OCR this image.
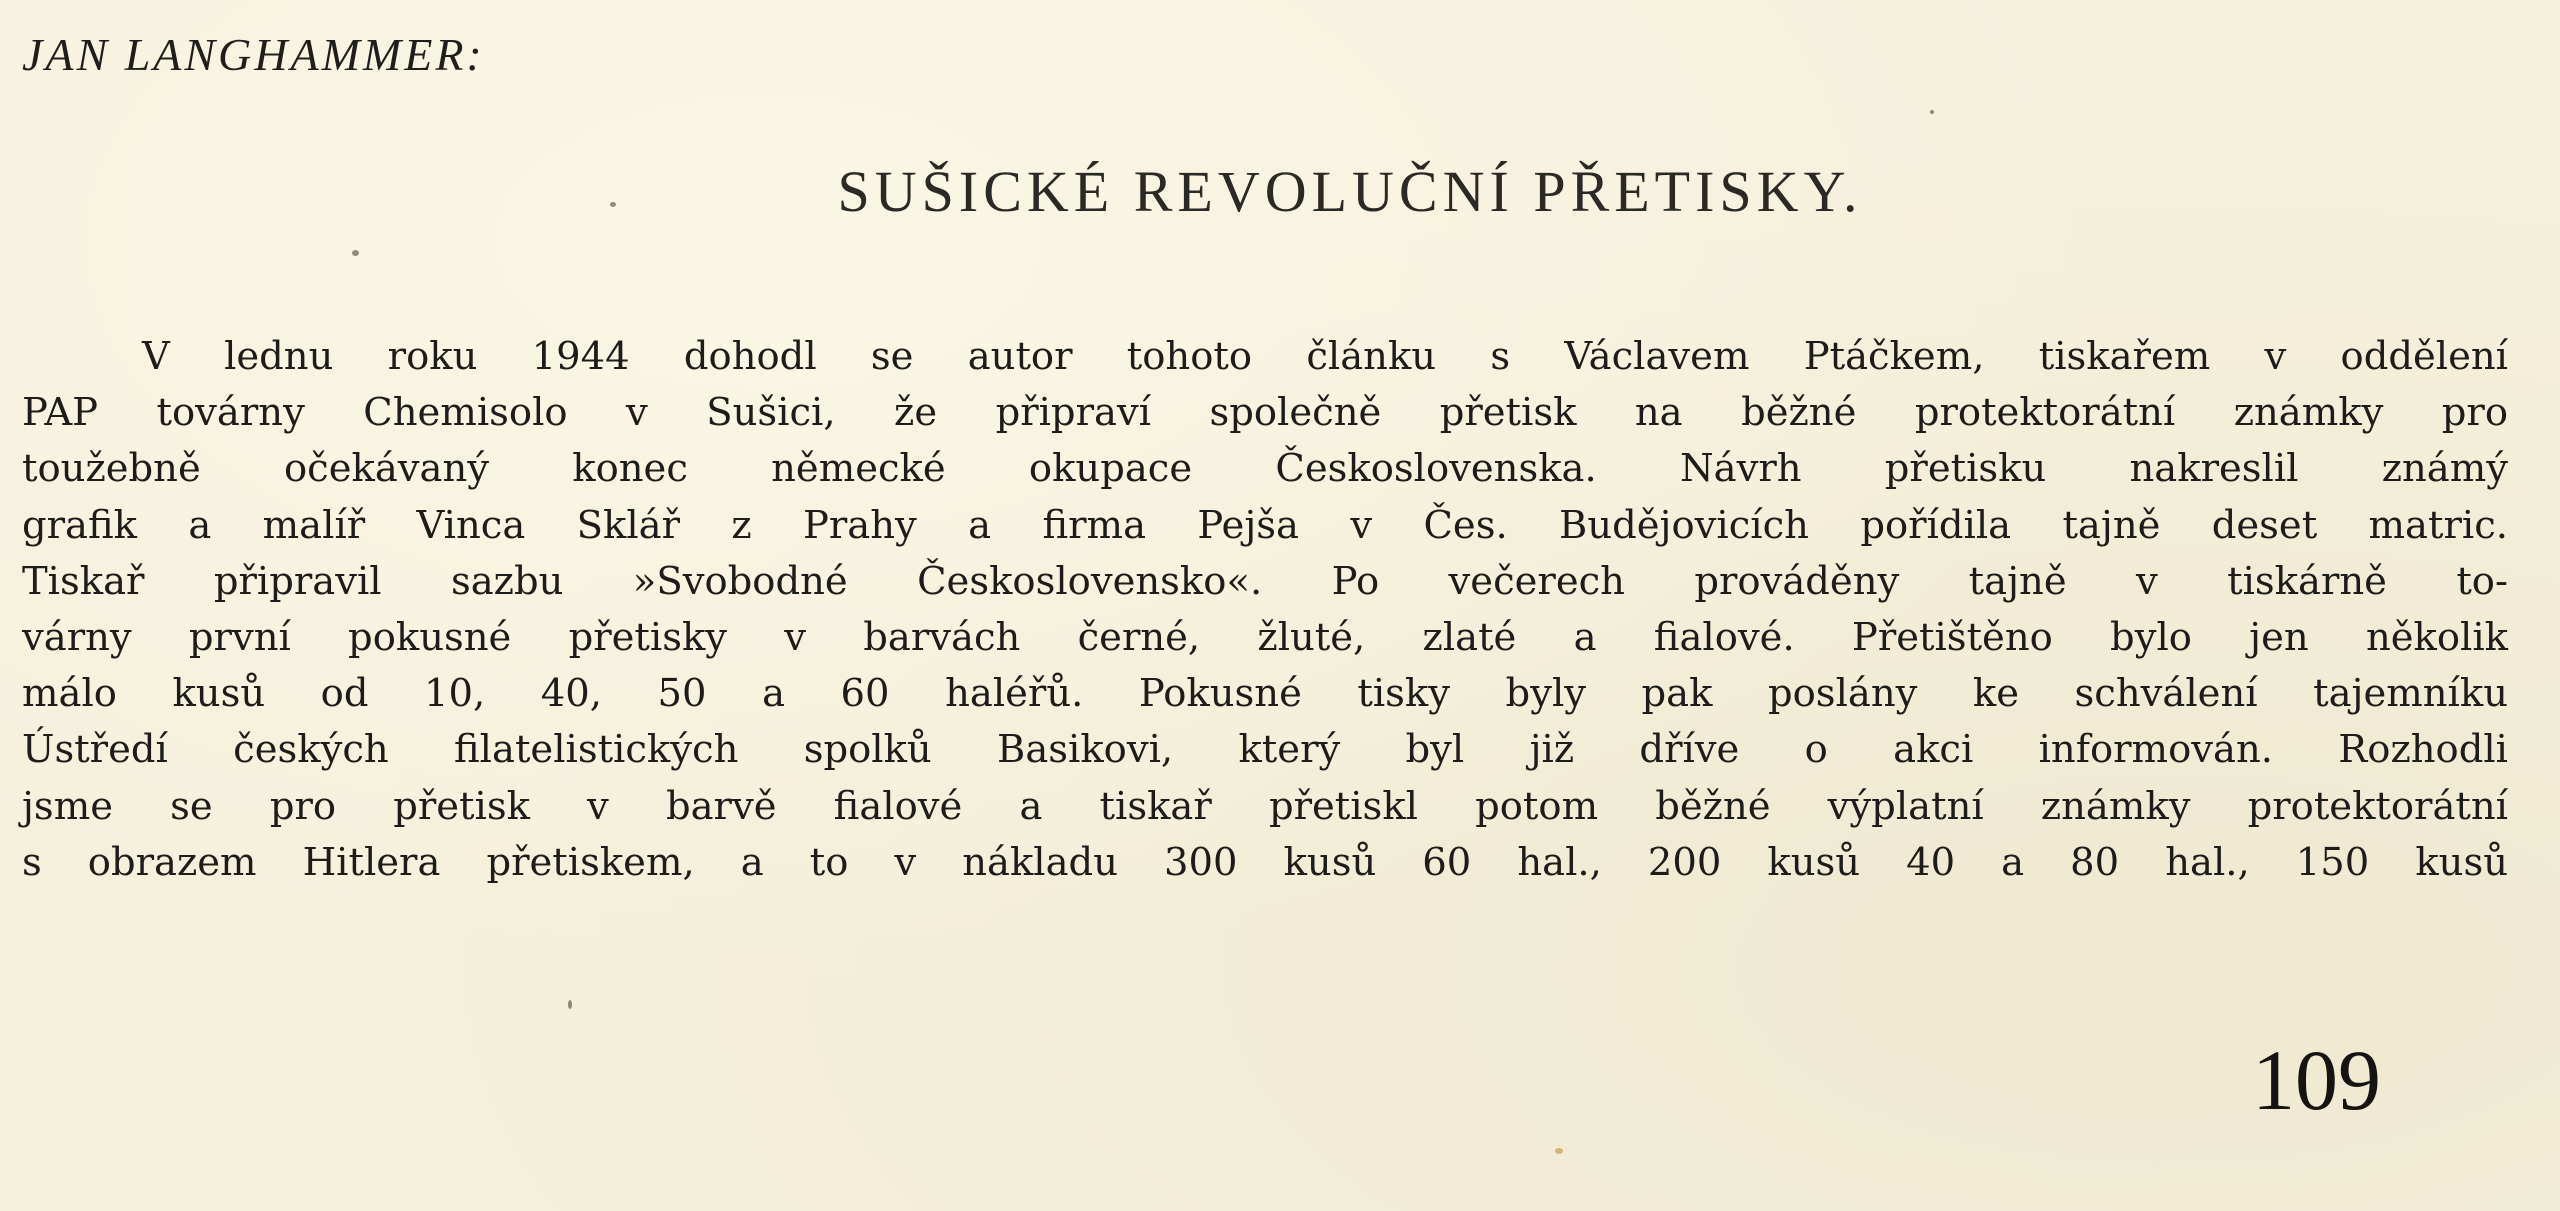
JAN LANGHAMMER:
SUŠICKÉ REVOLUČNÍ PŘETISKY.
V lednu roku 1944 dohodl se autor tohoto článku s Václavem Ptáčkem, tiskařem v oddělení
PAP továrny Chemisolo v Sušici, že připraví společně přetisk na běžné protektorátní známky pro
toužebně očekávaný konec německé okupace Československa. Návrh přetisku nakreslil známý
grafik a malíř Vinca Sklář z Prahy a firma Pejša v Čes. Budějovicích pořídila tajně deset matric.
Tiskař připravil sazbu »Svobodné Československo«. Po večerech prováděny tajně v tiskárně to-
várny první pokusné přetisky v barvách černé, žluté, zlaté a fialové. Přetištěno bylo jen několik
málo kusů od 10, 40, 50 a 60 haléřů. Pokusné tisky byly pak poslány ke schválení tajemníku
Ústředí českých filatelistických spolků Basikovi, který byl již dříve o akci informován. Rozhodli
jsme se pro přetisk v barvě fialové a tiskař přetiskl potom běžné výplatní známky protektorátní
s obrazem Hitlera přetiskem, a to v nákladu 300 kusů 60 hal., 200 kusů 40 a 80 hal., 150 kusů
109
